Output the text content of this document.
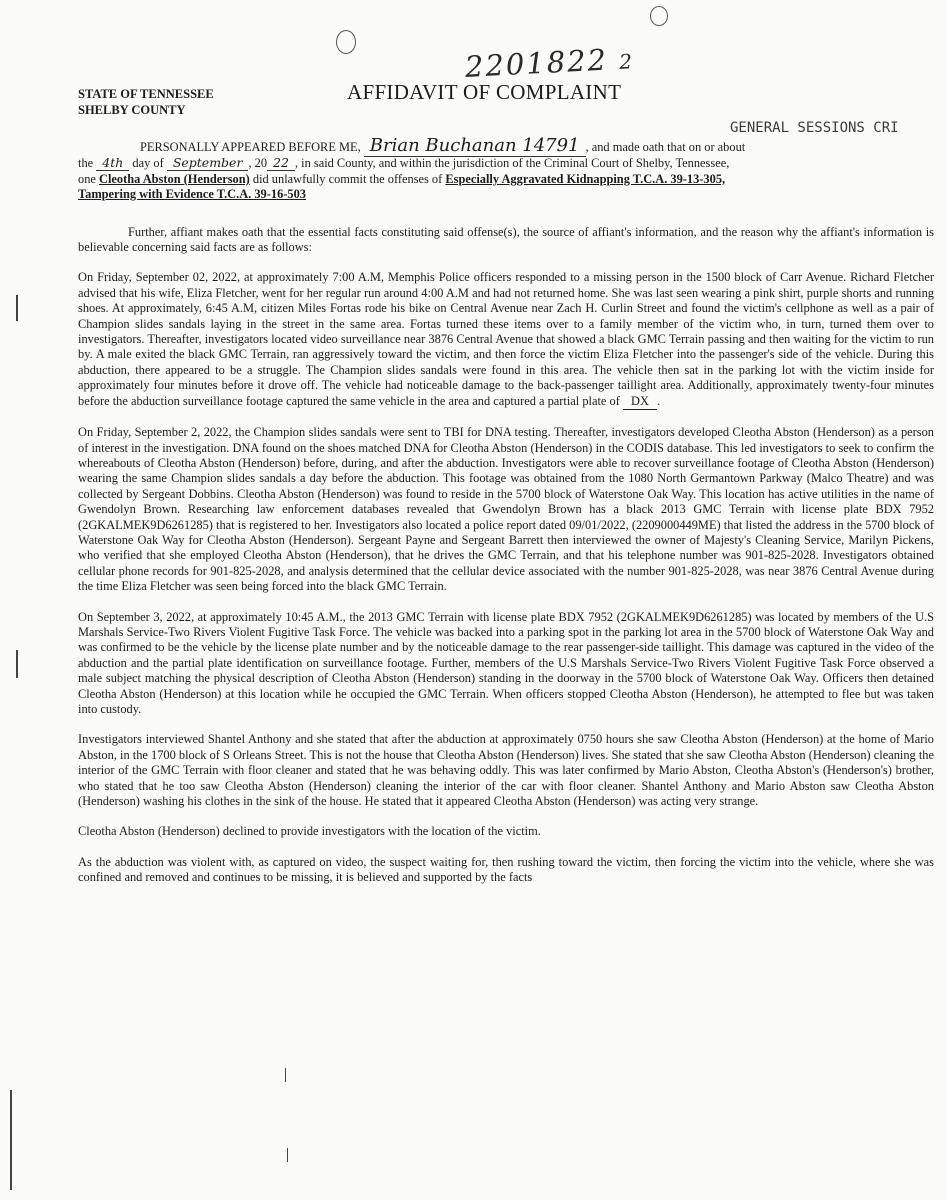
STATE OF TENNESSEE
SHELBY COUNTY
AFFIDAVIT OF COMPLAINT
2201822 2
GENERAL SESSIONS CRI

PERSONALLY APPEARED BEFORE ME, Brian Buchanan 14791 , and made oath that on or about
the 4th day of September , 20 22 , in said County, and within the jurisdiction of the Criminal Court of Shelby, Tennessee,
one Cleotha Abston (Henderson) did unlawfully commit the offenses of Especially Aggravated Kidnapping T.C.A. 39-13-305,
Tampering with Evidence T.C.A. 39-16-503

Further, affiant makes oath that the essential facts constituting said offense(s), the source of affiant's information, and the reason why the affiant's information is believable concerning said facts are as follows:

On Friday, September 02, 2022, at approximately 7:00 A.M, Memphis Police officers responded to a missing person in the 1500 block of Carr Avenue. Richard Fletcher advised that his wife, Eliza Fletcher, went for her regular run around 4:00 A.M and had not returned home. She was last seen wearing a pink shirt, purple shorts and running shoes. At approximately, 6:45 A.M, citizen Miles Fortas rode his bike on Central Avenue near Zach H. Curlin Street and found the victim's cellphone as well as a pair of Champion slides sandals laying in the street in the same area. Fortas turned these items over to a family member of the victim who, in turn, turned them over to investigators. Thereafter, investigators located video surveillance near 3876 Central Avenue that showed a black GMC Terrain passing and then waiting for the victim to run by. A male exited the black GMC Terrain, ran aggressively toward the victim, and then force the victim Eliza Fletcher into the passenger's side of the vehicle. During this abduction, there appeared to be a struggle. The Champion slides sandals were found in this area. The vehicle then sat in the parking lot with the victim inside for approximately four minutes before it drove off. The vehicle had noticeable damage to the back-passenger taillight area. Additionally, approximately twenty-four minutes before the abduction surveillance footage captured the same vehicle in the area and captured a partial plate of DX .

On Friday, September 2, 2022, the Champion slides sandals were sent to TBI for DNA testing. Thereafter, investigators developed Cleotha Abston (Henderson) as a person of interest in the investigation. DNA found on the shoes matched DNA for Cleotha Abston (Henderson) in the CODIS database. This led investigators to seek to confirm the whereabouts of Cleotha Abston (Henderson) before, during, and after the abduction. Investigators were able to recover surveillance footage of Cleotha Abston (Henderson) wearing the same Champion slides sandals a day before the abduction. This footage was obtained from the 1080 North Germantown Parkway (Malco Theatre) and was collected by Sergeant Dobbins. Cleotha Abston (Henderson) was found to reside in the 5700 block of Waterstone Oak Way. This location has active utilities in the name of Gwendolyn Brown. Researching law enforcement databases revealed that Gwendolyn Brown has a black 2013 GMC Terrain with license plate BDX 7952 (2GKALMEK9D6261285) that is registered to her. Investigators also located a police report dated 09/01/2022, (2209000449ME) that listed the address in the 5700 block of Waterstone Oak Way for Cleotha Abston (Henderson). Sergeant Payne and Sergeant Barrett then interviewed the owner of Majesty's Cleaning Service, Marilyn Pickens, who verified that she employed Cleotha Abston (Henderson), that he drives the GMC Terrain, and that his telephone number was 901-825-2028. Investigators obtained cellular phone records for 901-825-2028, and analysis determined that the cellular device associated with the number 901-825-2028, was near 3876 Central Avenue during the time Eliza Fletcher was seen being forced into the black GMC Terrain.

On September 3, 2022, at approximately 10:45 A.M., the 2013 GMC Terrain with license plate BDX 7952 (2GKALMEK9D6261285) was located by members of the U.S Marshals Service-Two Rivers Violent Fugitive Task Force. The vehicle was backed into a parking spot in the parking lot area in the 5700 block of Waterstone Oak Way and was confirmed to be the vehicle by the license plate number and by the noticeable damage to the rear passenger-side taillight. This damage was captured in the video of the abduction and the partial plate identification on surveillance footage. Further, members of the U.S Marshals Service-Two Rivers Violent Fugitive Task Force observed a male subject matching the physical description of Cleotha Abston (Henderson) standing in the doorway in the 5700 block of Waterstone Oak Way. Officers then detained Cleotha Abston (Henderson) at this location while he occupied the GMC Terrain. When officers stopped Cleotha Abston (Henderson), he attempted to flee but was taken into custody.

Investigators interviewed Shantel Anthony and she stated that after the abduction at approximately 0750 hours she saw Cleotha Abston (Henderson) at the home of Mario Abston, in the 1700 block of S Orleans Street. This is not the house that Cleotha Abston (Henderson) lives. She stated that she saw Cleotha Abston (Henderson) cleaning the interior of the GMC Terrain with floor cleaner and stated that he was behaving oddly. This was later confirmed by Mario Abston, Cleotha Abston's (Henderson's) brother, who stated that he too saw Cleotha Abston (Henderson) cleaning the interior of the car with floor cleaner. Shantel Anthony and Mario Abston saw Cleotha Abston (Henderson) washing his clothes in the sink of the house. He stated that it appeared Cleotha Abston (Henderson) was acting very strange.

Cleotha Abston (Henderson) declined to provide investigators with the location of the victim.

As the abduction was violent with, as captured on video, the suspect waiting for, then rushing toward the victim, then forcing the victim into the vehicle, where she was confined and removed and continues to be missing, it is believed and supported by the facts
